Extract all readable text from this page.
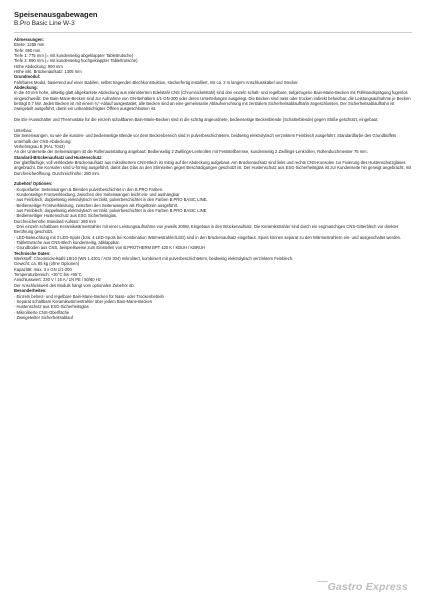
Speisenausgabewagen
B.Pro Basic Line W-3

Abmessungen:

Breite: 1255 mm

Tiefe: 690 mm

Tiefe 1: 775 mm (= mit kundenseitig abgeklappter Tablettrutsche)

Tiefe 2: 990 mm (= mit kundenseitig hochgeklappter Tablettrutsche)

Höhe Abdeckung: 900 mm

Höhe inkl. Brückenaufsatz: 1305 mm

Grundmodul:

Fahrbares Modul, basierend auf einer stabilen, selbst tragenden Blechkonstruktion, steckerfertig installiert, mit ca. 2 m langem Anschlusskabel und Stecker.

Abdeckung:

In die 40 mm hohe, allseitig glatt abgekantete Abdeckung aus mikrolitertem Edelstahl CNS (Chromnickelstahl) sind drei einzeln schalt- und regelbare, tiefgezogene Bain-Marie-Becken mit Füllstandsprägung fugenlos eingeschweißt. Die Bain-Marie-Becken sind zur Aufnahme von GN-Behältern 1/1-GN-200 oder deren Unterteilungen ausgelegt. Die Becken sind nass oder trocken indirekt beheizbar, die Leistungsaufnahme je Becken beträgt 0,7 kW. Jedes Becken ist mit einem ¾"-Ablauf ausgestattet; alle Becken sind an eine gemeinsame Ablaufverrohrung mit zentralem Sicherheitsablaufhahn angeschlossen. Der Sicherheitsablaufhahn ist zweigeteilt ausgeführt, damit ein unbeabsichtigtes Öffnen ausgeschlossen ist.

Die Ein-/Ausschalter und Thermostate für die einzeln schaltbaren Bain-Marie-Becken sind in die schräg angeordnete, bedienseitige Beckenblende (Schalterblende) gegen Stöße geschützt, eingebaut.

Unterbau:

Die Seitenwangen, so wie die kunden- und bedienseitige Blende vor dem Beckenbereich sind in pulverbeschichtetem, beidseitig elektrolytisch verzinktem Feinblech ausgeführt: Standardfarbe des Grundbüffets unterhalb der CNS-Abdeckung:

Verkehrsgrau B (RAL 7043)

An der Unterseite der Seitenwangen ist die Rollenausstattung angebaut: Bedienseitig 2 Zwillings-Lenkrollen mit Feststellbremse, kundenseitig 2 Zwillings-Lenkrollen, Rollendurchmesser 75 mm.

Standard-Brückenaufsatz und Hustenschutz:

Der glattflächige, voll verkleidete Brückenaufsatz aus mikrolitertem CNS-Blech ist mittig auf der Abdeckung aufgebaut. Am Brückenaufsatz sind links und rechts CNS-Konsolen zur Fixierung des Hustenschutzglases angebracht. Die Konsolen sind U-förmig ausgeführt, damit das Glas an den Stirnseiten gegen Beschädigungen geschützt ist. Der Hustenschutz aus ESG-Sicherheitsglas ist zur Kundenseite hin geneigt angebracht, mit Durchreicheöffnung. Durchreichhöhe: 280 mm.

Zubehör/ Optionen:

· Korpusfarbe: Seitenwangen & Blenden pulverbeschichtet in den B.PRO Farben.

· Kundenseitige Frontverkleidung, zwischen den Seitenwangen leicht ein- und aushängbar

· aus Feinblech, doppelseitig elektrolytisch verzinkt, pulverbeschichtet in den Farben B.PRO BASIC LINE.

· Bedienseitige Frontverkleidung, zwischen den Seitenwangen als Flügeltüren ausgeführt.

· aus Feinblech, doppelseitig elektrolytisch verzinkt, pulverbeschichtet in den Farben B.PRO BASIC LINE

· Bedienseitiger Hustenschutz aus ESG Sicherheitsglas.

Durchreichehöhe Standard-Aufsatz: 280 mm

· Drei einzeln schaltbare Keramikwärmestrahler mit einer Leistungsaufnahme von jeweils 200W. Eingebaut in den Brückenaufsatz. Die Keramikstrahler sind durch ein engmaschiges CNS-Gitterblech vor direkter Berührung geschützt.

· LED-Beleuchtung mit 3 LED-Spots (bzw. 4 LED-Spots bei Kombination Wärmestrahler/LED) sind in den Brückenaufsatz eingebaut. Spots können separat zu den Wärmestrahlern ein- und ausgeschaltet werden.

· Tablettrutsche aus CNS-Blech kundenseitig, abklappbar.

· Grundboden aus CNS, beispielsweise zum Einstellen von B.PROTHERM BPT 420 K / KBUH / KBRUH

Technische Daten:

Werkstoff: Chromnickelstahl 18/10 (WN 1.4301 / AISI 304) mikrolitert, kombiniert mit pulverbeschichtetem, beidseitig elektrolytisch verzinktem Feinblech.

Gewicht: ca. 85 kg (ohne Optionen)

Kapazität: max. 3 x GN 1/1-200

Temperaturbereich: +30°C bis +95°C

Anschlusswert: 230 V / 16 A / 1N PE / 50/60 Hz

Der Anschlusswert des Moduls hängt vom optionalen Zubehör ab.

Besonderheiten:

· Einzeln beheiz- und regelbare Bain-Marie-Becken für Nass- oder Trockenbetrieb

· Separat schaltbare Keramikwärmestrahler über jedem Bain-Marie-Becken

· Hustenschutz aus ESG-Sicherheitsglas

· Mikrolitierte CNS-Oberfläche

· Zweigeteilter Sicherheitsablauf

Gastro Express
